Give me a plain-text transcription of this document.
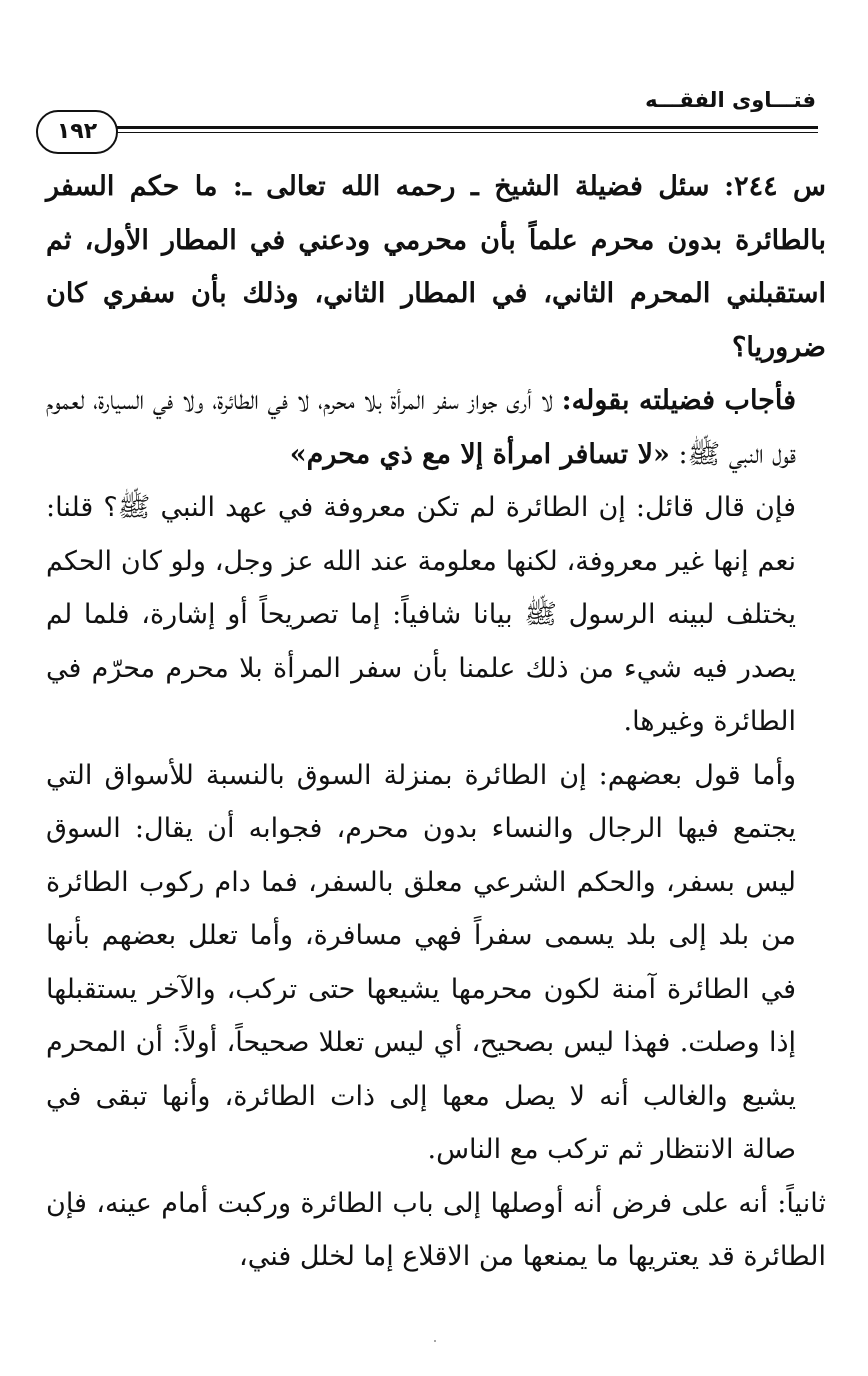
فتـــاوى الفقـــه
١٩٢

س ٢٤٤: سئل فضيلة الشيخ ـ رحمه الله تعالى ـ: ما حكم السفر بالطائرة بدون محرم علماً بأن محرمي ودعني في المطار الأول، ثم استقبلني المحرم الثاني، في المطار الثاني، وذلك بأن سفري كان ضروريا؟

فأجاب فضيلته بقوله: لا أرى جواز سفر المرأة بلا محرم، لا في الطائرة، ولا في السيارة، لعموم قول النبي ﷺ: «لا تسافر امرأة إلا مع ذي محرم»

فإن قال قائل: إن الطائرة لم تكن معروفة في عهد النبي ﷺ؟ قلنا: نعم إنها غير معروفة، لكنها معلومة عند الله عز وجل، ولو كان الحكم يختلف لبينه الرسول ﷺ بيانا شافياً: إما تصريحاً أو إشارة، فلما لم يصدر فيه شيء من ذلك علمنا بأن سفر المرأة بلا محرم محرّم في الطائرة وغيرها.

وأما قول بعضهم: إن الطائرة بمنزلة السوق بالنسبة للأسواق التي يجتمع فيها الرجال والنساء بدون محرم، فجوابه أن يقال: السوق ليس بسفر، والحكم الشرعي معلق بالسفر، فما دام ركوب الطائرة من بلد إلى بلد يسمى سفراً فهي مسافرة، وأما تعلل بعضهم بأنها في الطائرة آمنة لكون محرمها يشيعها حتى تركب، والآخر يستقبلها إذا وصلت. فهذا ليس بصحيح، أي ليس تعللا صحيحاً، أولاً: أن المحرم يشيع والغالب أنه لا يصل معها إلى ذات الطائرة، وأنها تبقى في صالة الانتظار ثم تركب مع الناس.

ثانياً: أنه على فرض أنه أوصلها إلى باب الطائرة وركبت أمام عينه، فإن الطائرة قد يعتريها ما يمنعها من الاقلاع إما لخلل فني،
